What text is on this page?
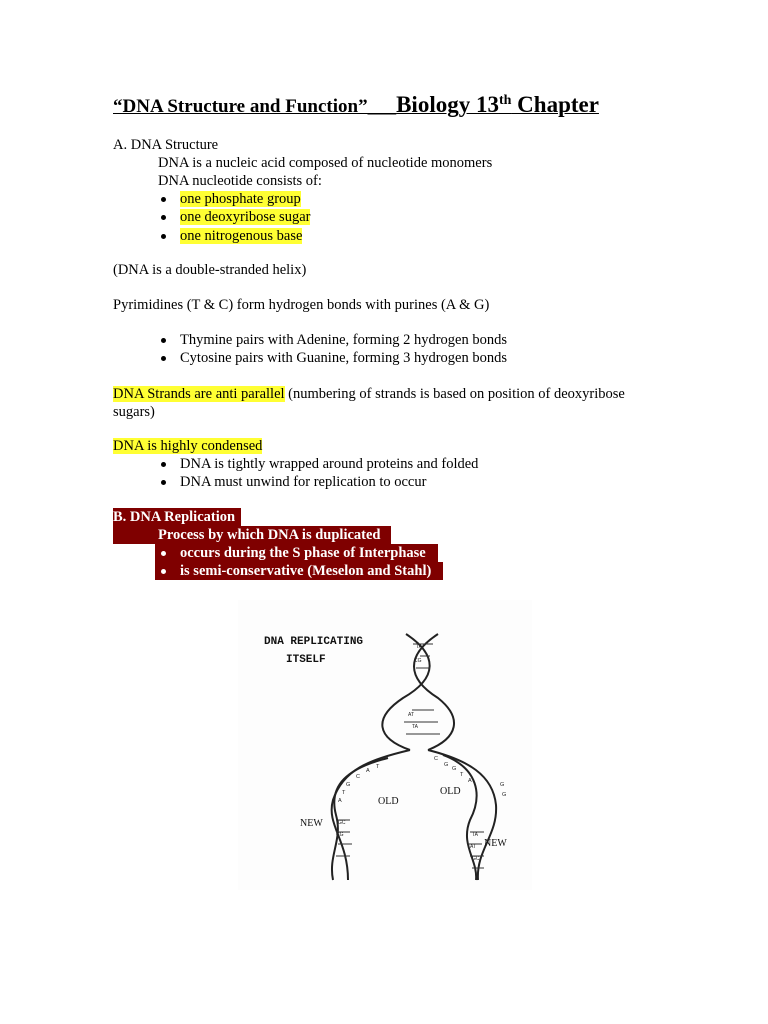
“DNA Structure and Function”___Biology 13th Chapter
A. DNA Structure
DNA is a nucleic acid composed of nucleotide monomers
DNA nucleotide consists of:
one phosphate group
one deoxyribose sugar
one nitrogenous base
(DNA is a double-stranded helix)
Pyrimidines (T & C) form hydrogen bonds with purines (A & G)
Thymine pairs with Adenine, forming 2 hydrogen bonds
Cytosine pairs with Guanine, forming 3 hydrogen bonds
DNA Strands are anti parallel (numbering of strands is based on position of deoxyribose
sugars)
DNA is highly condensed
DNA is tightly wrapped around proteins and folded
DNA must unwind for replication to occur
B. DNA Replication
Process by which DNA is duplicated
occurs during the S phase of Interphase
is semi-conservative (Meselon and Stahl)
DNA REPLICATING
ITSELF
OLD
OLD
NEW
NEW
A
T
C
G
T
A
C
G
G
T
A
G
G
TA
CG
AT
TA
GC
CG	TA
AT
GC
